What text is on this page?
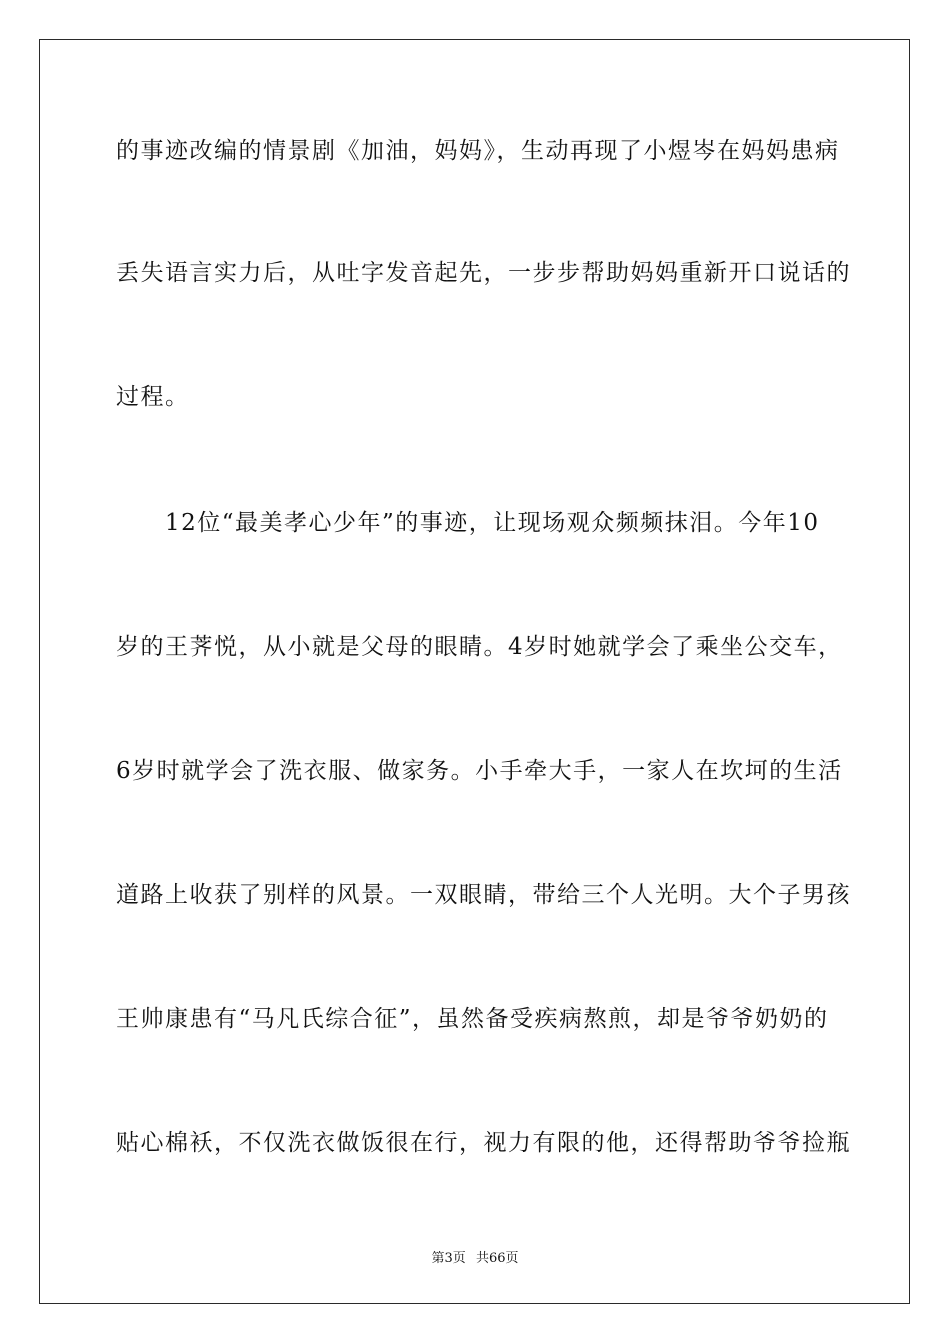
的事迹改编的情景剧《加油，妈妈》，生动再现了小煜岑在妈妈患病
丢失语言实力后，从吐字发音起先，一步步帮助妈妈重新开口说话的
过程。
　　12位“最美孝心少年”的事迹，让现场观众频频抹泪。今年10
岁的王荠悦，从小就是父母的眼睛。4岁时她就学会了乘坐公交车，
6岁时就学会了洗衣服、做家务。小手牵大手，一家人在坎坷的生活
道路上收获了别样的风景。一双眼睛，带给三个人光明。大个子男孩
王帅康患有“马凡氏综合征”，虽然备受疾病熬煎，却是爷爷奶奶的
贴心棉袄，不仅洗衣做饭很在行，视力有限的他，还得帮助爷爷捡瓶
第3页 共66页
